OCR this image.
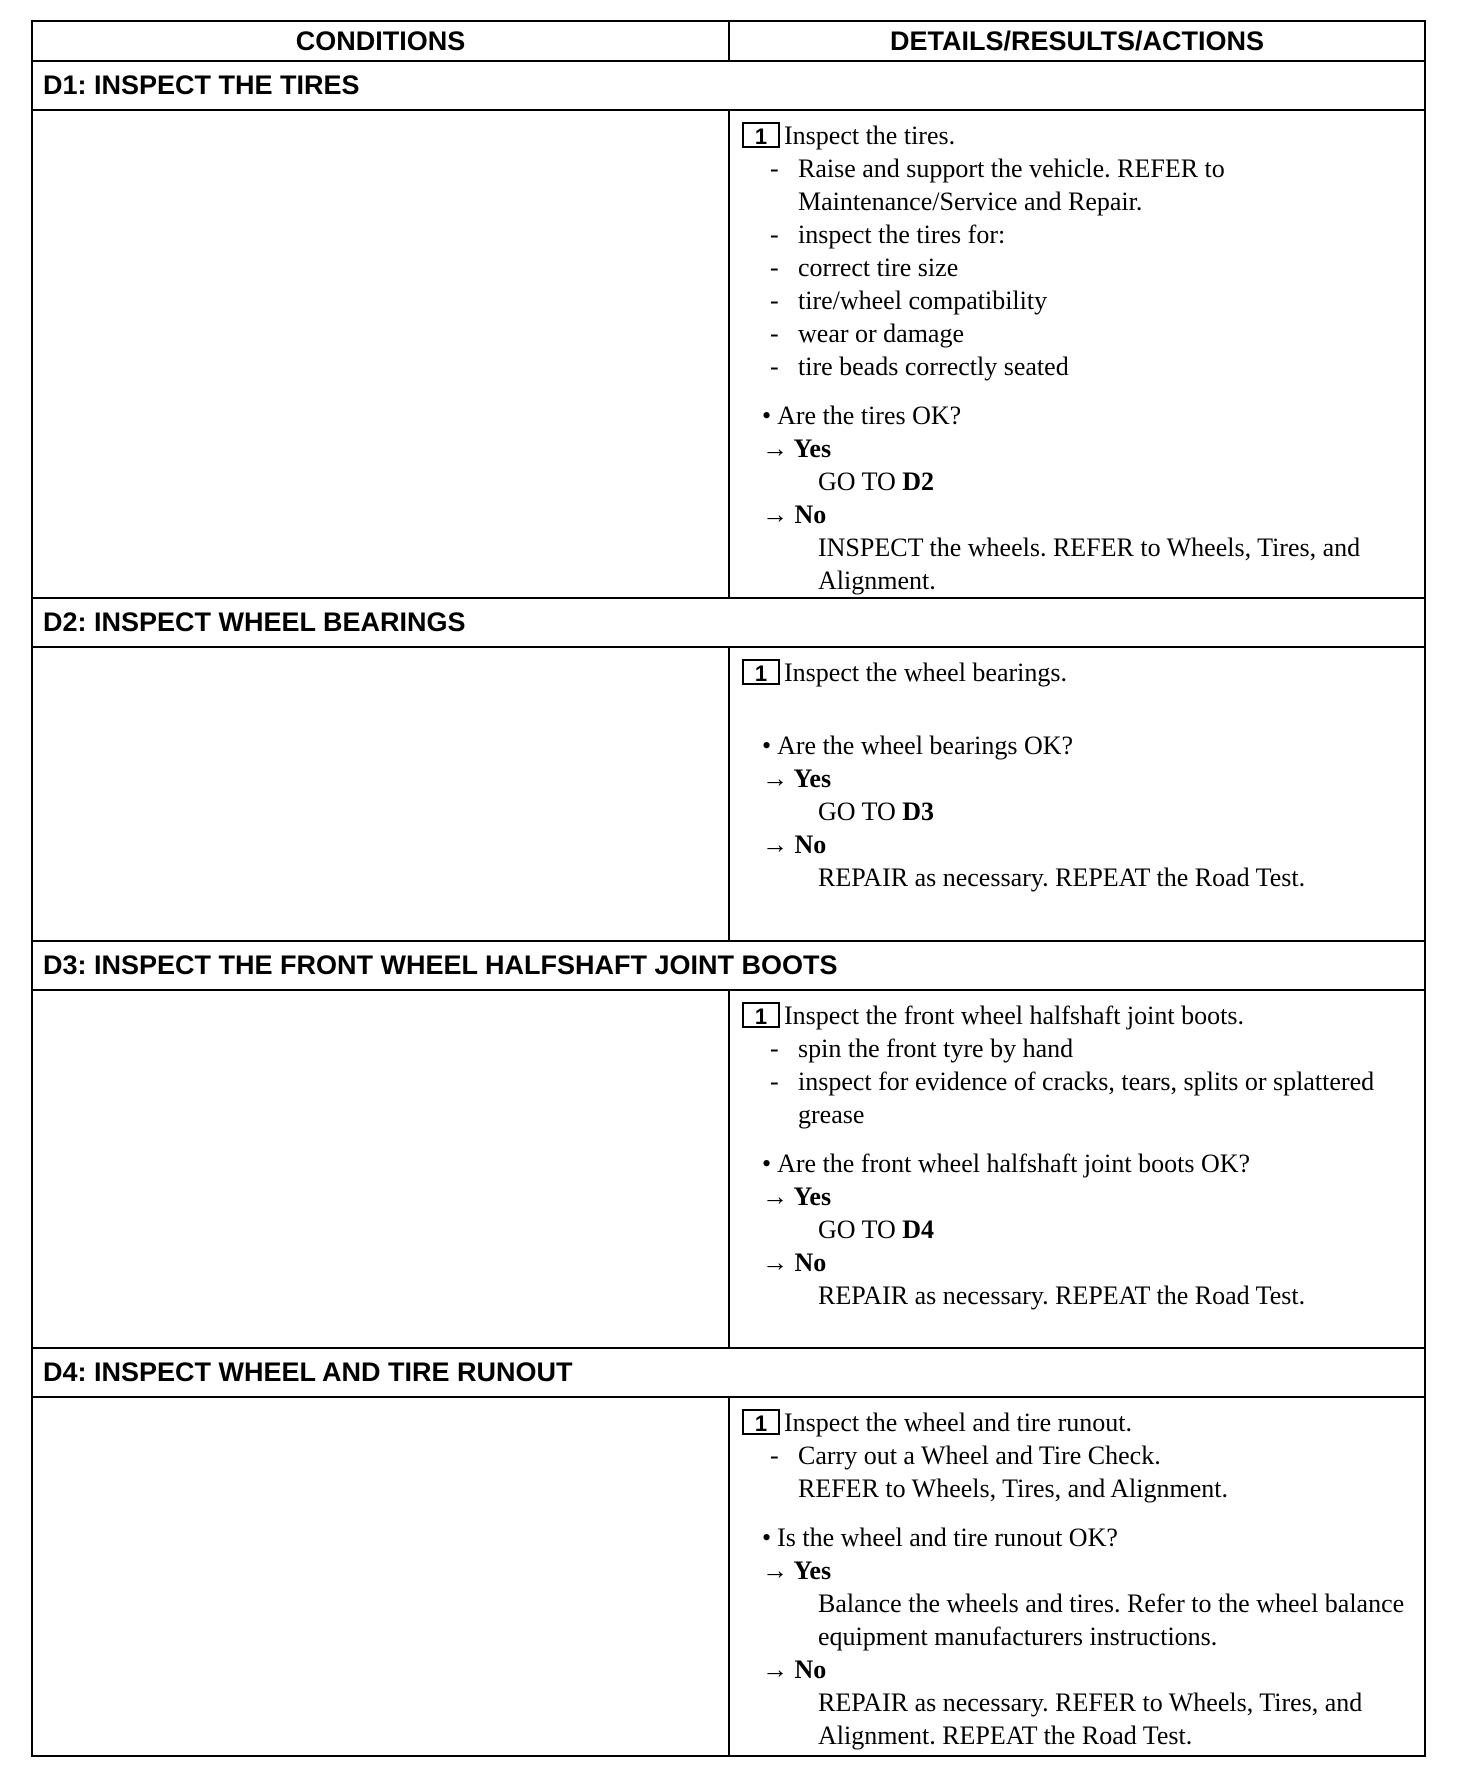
CONDITIONS	DETAILS/RESULTS/ACTIONS
D1: INSPECT THE TIRES
1 Inspect the tires.
- Raise and support the vehicle. REFER to Maintenance/Service and Repair.
- inspect the tires for:
- correct tire size
- tire/wheel compatibility
- wear or damage
- tire beads correctly seated
• Are the tires OK?
→ Yes
GO TO D2
→ No
INSPECT the wheels. REFER to Wheels, Tires, and Alignment.
D2: INSPECT WHEEL BEARINGS
1 Inspect the wheel bearings.
• Are the wheel bearings OK?
→ Yes
GO TO D3
→ No
REPAIR as necessary. REPEAT the Road Test.
D3: INSPECT THE FRONT WHEEL HALFSHAFT JOINT BOOTS
1 Inspect the front wheel halfshaft joint boots.
- spin the front tyre by hand
- inspect for evidence of cracks, tears, splits or splattered grease
• Are the front wheel halfshaft joint boots OK?
→ Yes
GO TO D4
→ No
REPAIR as necessary. REPEAT the Road Test.
D4: INSPECT WHEEL AND TIRE RUNOUT
1 Inspect the wheel and tire runout.
- Carry out a Wheel and Tire Check.
REFER to Wheels, Tires, and Alignment.
• Is the wheel and tire runout OK?
→ Yes
Balance the wheels and tires. Refer to the wheel balance equipment manufacturers instructions.
→ No
REPAIR as necessary. REFER to Wheels, Tires, and Alignment. REPEAT the Road Test.
